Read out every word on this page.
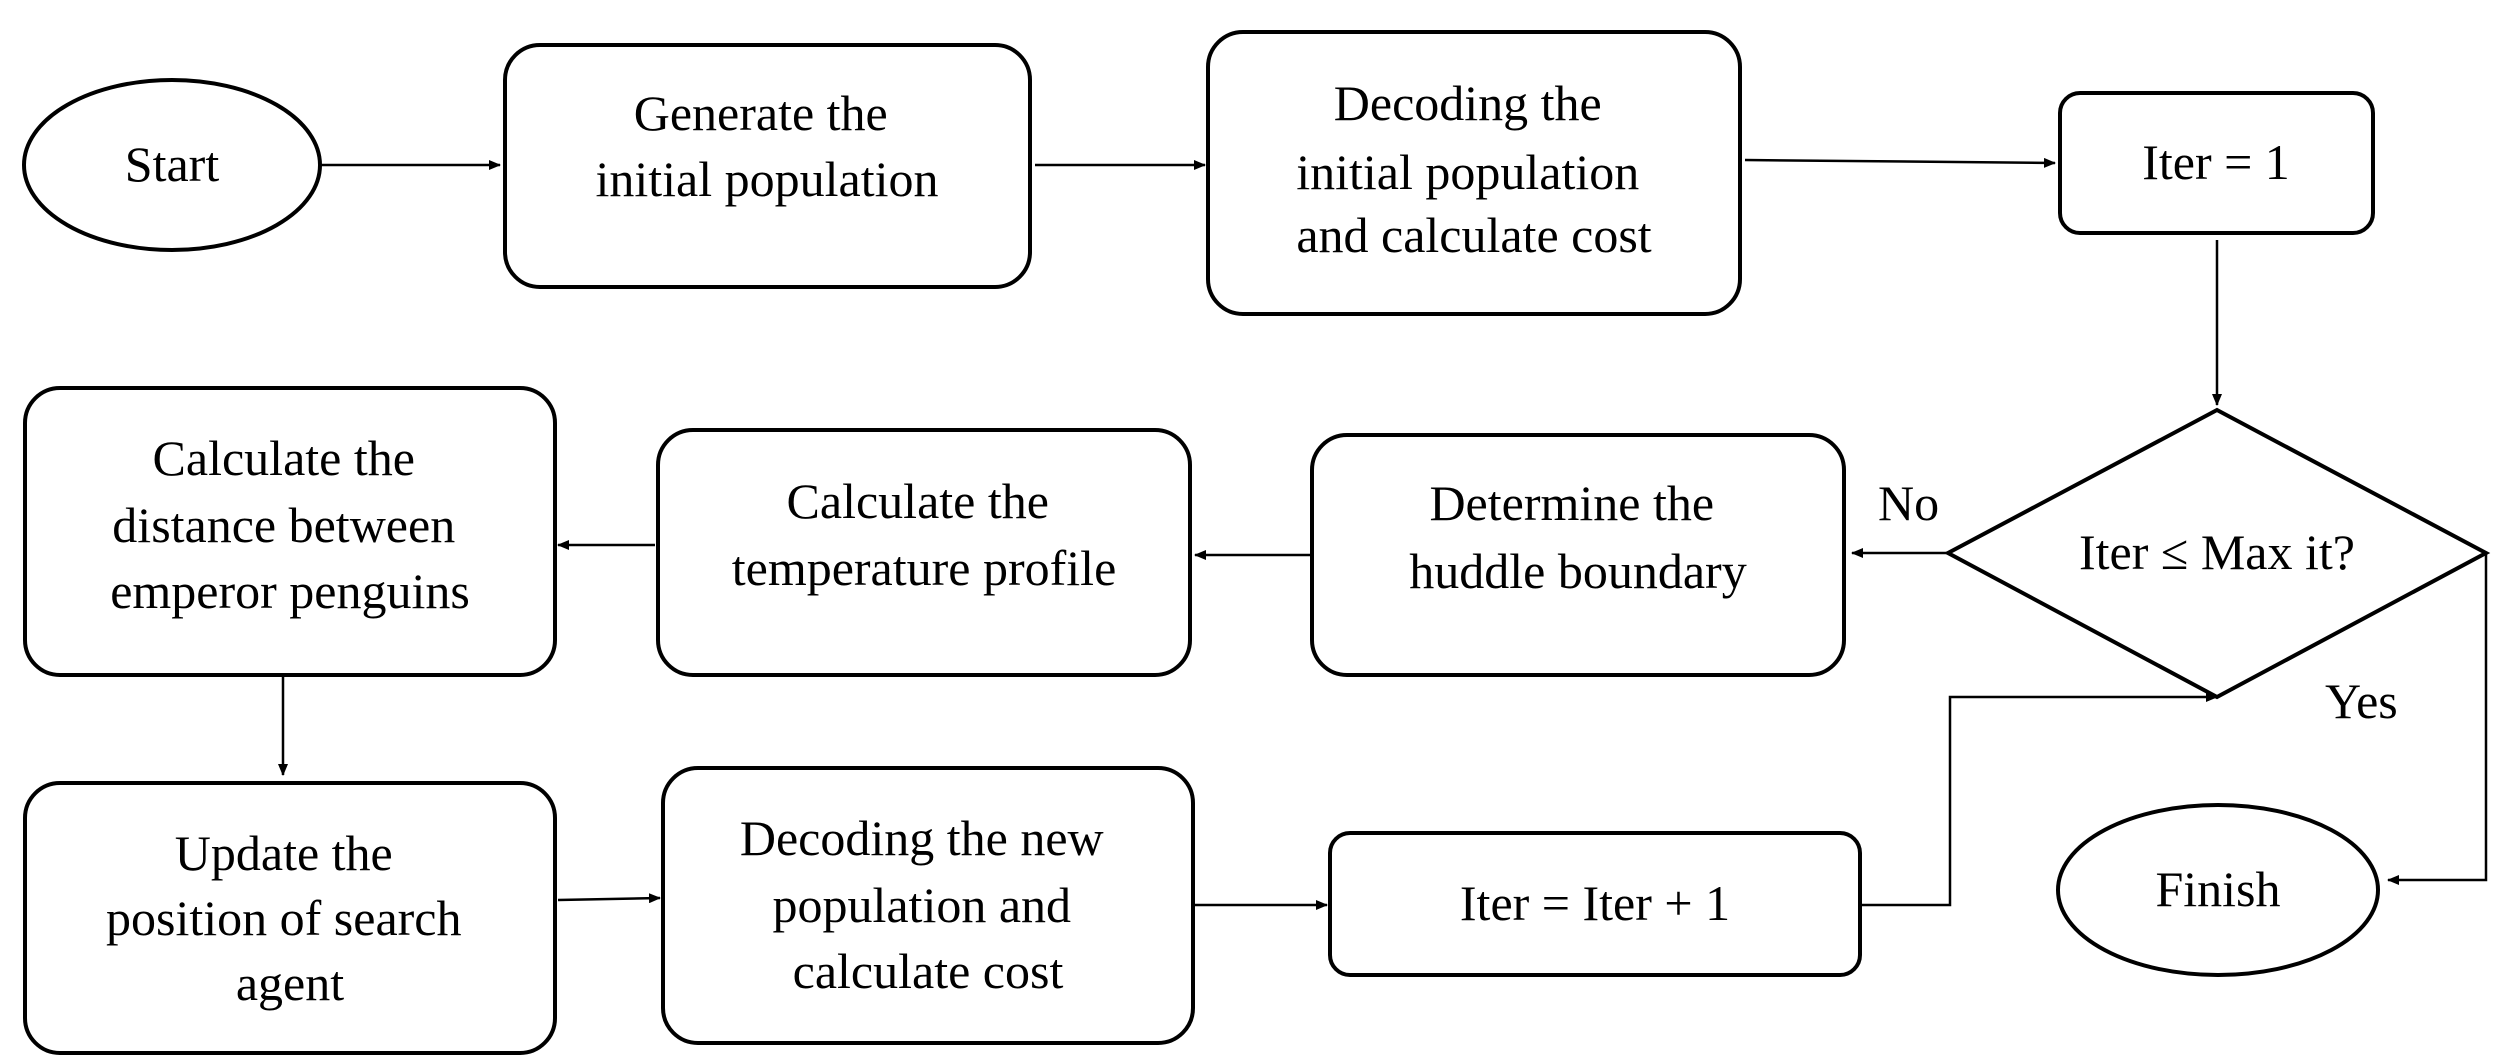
Start
Generate the initial population
Decoding the initial population and calculate cost
Iter = 1
Iter ≤ Max it?
Determine the huddle boundary
Calculate the temperature profile
Calculate the distance between emperor penguins
Update the position of search agent
Decoding the new population and calculate cost
Iter = Iter + 1	Finish
No
Yes
